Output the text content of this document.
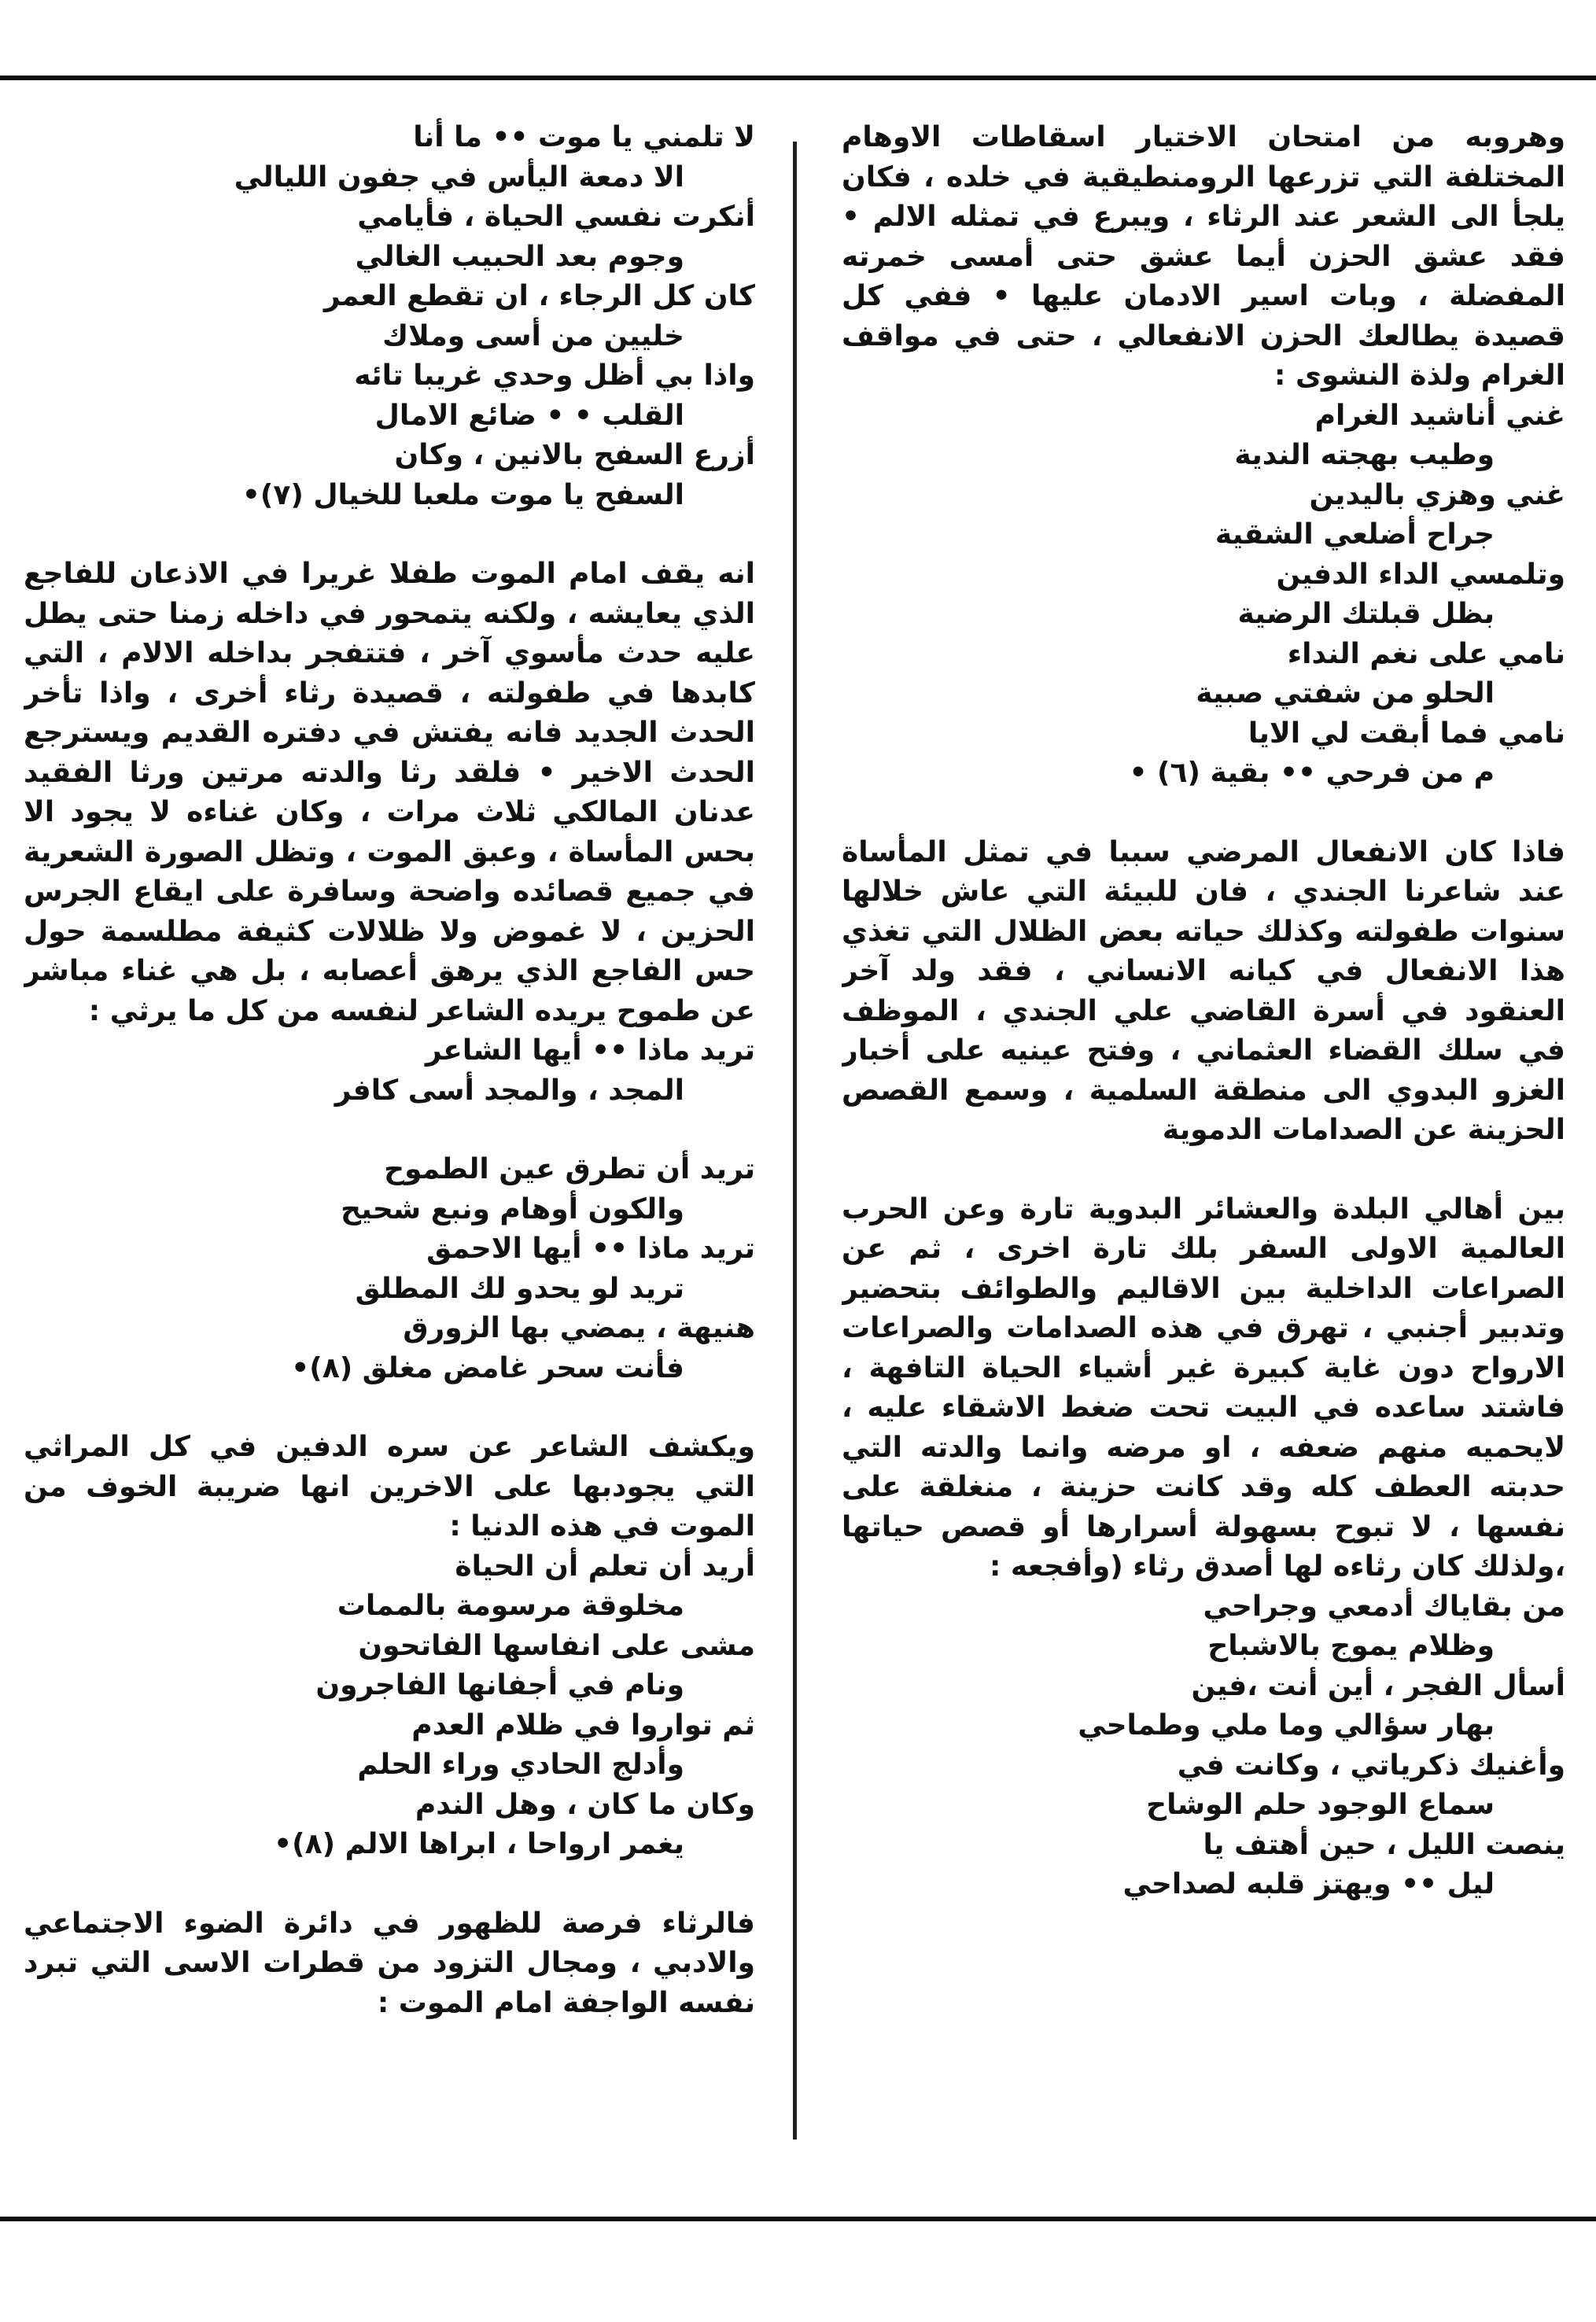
وهروبه من امتحان الاختيار اسقاطات الاوهام المختلفة التي تزرعها الرومنطيقية في خلده ، فكان يلجأ الى الشعر عند الرثاء ، ويبرع في تمثله الالم • فقد عشق الحزن أيما عشق حتى أمسى خمرته المفضلة ، وبات اسير الادمان عليها • ففي كل قصيدة يطالعك الحزن الانفعالي ، حتى في مواقف الغرام ولذة النشوى :

غني أناشيد الغرام

وطيب بهجته الندية

غني وهزي باليدين

جراح أضلعي الشقية

وتلمسي الداء الدفين

بظل قبلتك الرضية

نامي على نغم النداء

الحلو من شفتي صبية

نامي فما أبقت لي الايا

م من فرحي •• بقية (٦) •

فاذا كان الانفعال المرضي سببا في تمثل المأساة عند شاعرنا الجندي ، فان للبيئة التي عاش خلالها سنوات طفولته وكذلك حياته بعض الظلال التي تغذي هذا الانفعال في كيانه الانساني ، فقد ولد آخر العنقود في أسرة القاضي علي الجندي ، الموظف في سلك القضاء العثماني ، وفتح عينيه على أخبار الغزو البدوي الى منطقة السلمية ، وسمع القصص الحزينة عن الصدامات الدموية

بين أهالي البلدة والعشائر البدوية تارة وعن الحرب العالمية الاولى السفر بلك تارة اخرى ، ثم عن الصراعات الداخلية بين الاقاليم والطوائف بتحضير وتدبير أجنبي ، تهرق في هذه الصدامات والصراعات الارواح دون غاية كبيرة غير أشياء الحياة التافهة ، فاشتد ساعده في البيت تحت ضغط الاشقاء عليه ، لايحميه منهم ضعفه ، او مرضه وانما والدته التي حدبته العطف كله وقد كانت حزينة ، منغلقة على نفسها ، لا تبوح بسهولة أسرارها أو قصص حياتها ،ولذلك كان رثاءه لها أصدق رثاء (وأفجعه :

من بقاياك أدمعي وجراحي

وظلام يموج بالاشباح

أسأل الفجر ، أين أنت ،فين

بهار سؤالي وما ملي وطماحي

وأغنيك ذكرياتي ، وكانت في

سماع الوجود حلم الوشاح

ينصت الليل ، حين أهتف يا

ليل •• ويهتز قلبه لصداحي

لا تلمني يا موت •• ما أنا

الا دمعة اليأس في جفون الليالي

أنكرت نفسي الحياة ، فأيامي

وجوم بعد الحبيب الغالي

كان كل الرجاء ، ان تقطع العمر

خليين من أسى وملاك

واذا بي أظل وحدي غريبا تائه

القلب • • ضائع الامال

أزرع السفح بالانين ، وكان

السفح يا موت ملعبا للخيال (٧)•

انه يقف امام الموت طفلا غريرا في الاذعان للفاجع الذي يعايشه ، ولكنه يتمحور في داخله زمنا حتى يطل عليه حدث مأسوي آخر ، فتتفجر بداخله الالام ، التي كابدها في طفولته ، قصيدة رثاء أخرى ، واذا تأخر الحدث الجديد فانه يفتش في دفتره القديم ويسترجع الحدث الاخير • فلقد رثا والدته مرتين ورثا الفقيد عدنان المالكي ثلاث مرات ، وكان غناءه لا يجود الا بحس المأساة ، وعبق الموت ، وتظل الصورة الشعرية في جميع قصائده واضحة وسافرة على ايقاع الجرس الحزين ، لا غموض ولا ظلالات كثيفة مطلسمة حول حس الفاجع الذي يرهق أعصابه ، بل هي غناء مباشر عن طموح يريده الشاعر لنفسه من كل ما يرثي :

تريد ماذا •• أيها الشاعر

المجد ، والمجد أسى كافر

تريد أن تطرق عين الطموح

والكون أوهام ونبع شحيح

تريد ماذا •• أيها الاحمق

تريد لو يحدو لك المطلق

هنيهة ، يمضي بها الزورق

فأنت سحر غامض مغلق (٨)•

ويكشف الشاعر عن سره الدفين في كل المراثي التي يجودبها على الاخرين انها ضريبة الخوف من الموت في هذه الدنيا :

أريد أن تعلم أن الحياة

مخلوقة مرسومة بالممات

مشى على انفاسها الفاتحون

ونام في أجفانها الفاجرون

ثم تواروا في ظلام العدم

وأدلج الحادي وراء الحلم

وكان ما كان ، وهل الندم

يغمر ارواحا ، ابراها الالم (٨)•

فالرثاء فرصة للظهور في دائرة الضوء الاجتماعي والادبي ، ومجال التزود من قطرات الاسى التي تبرد نفسه الواجفة امام الموت :
